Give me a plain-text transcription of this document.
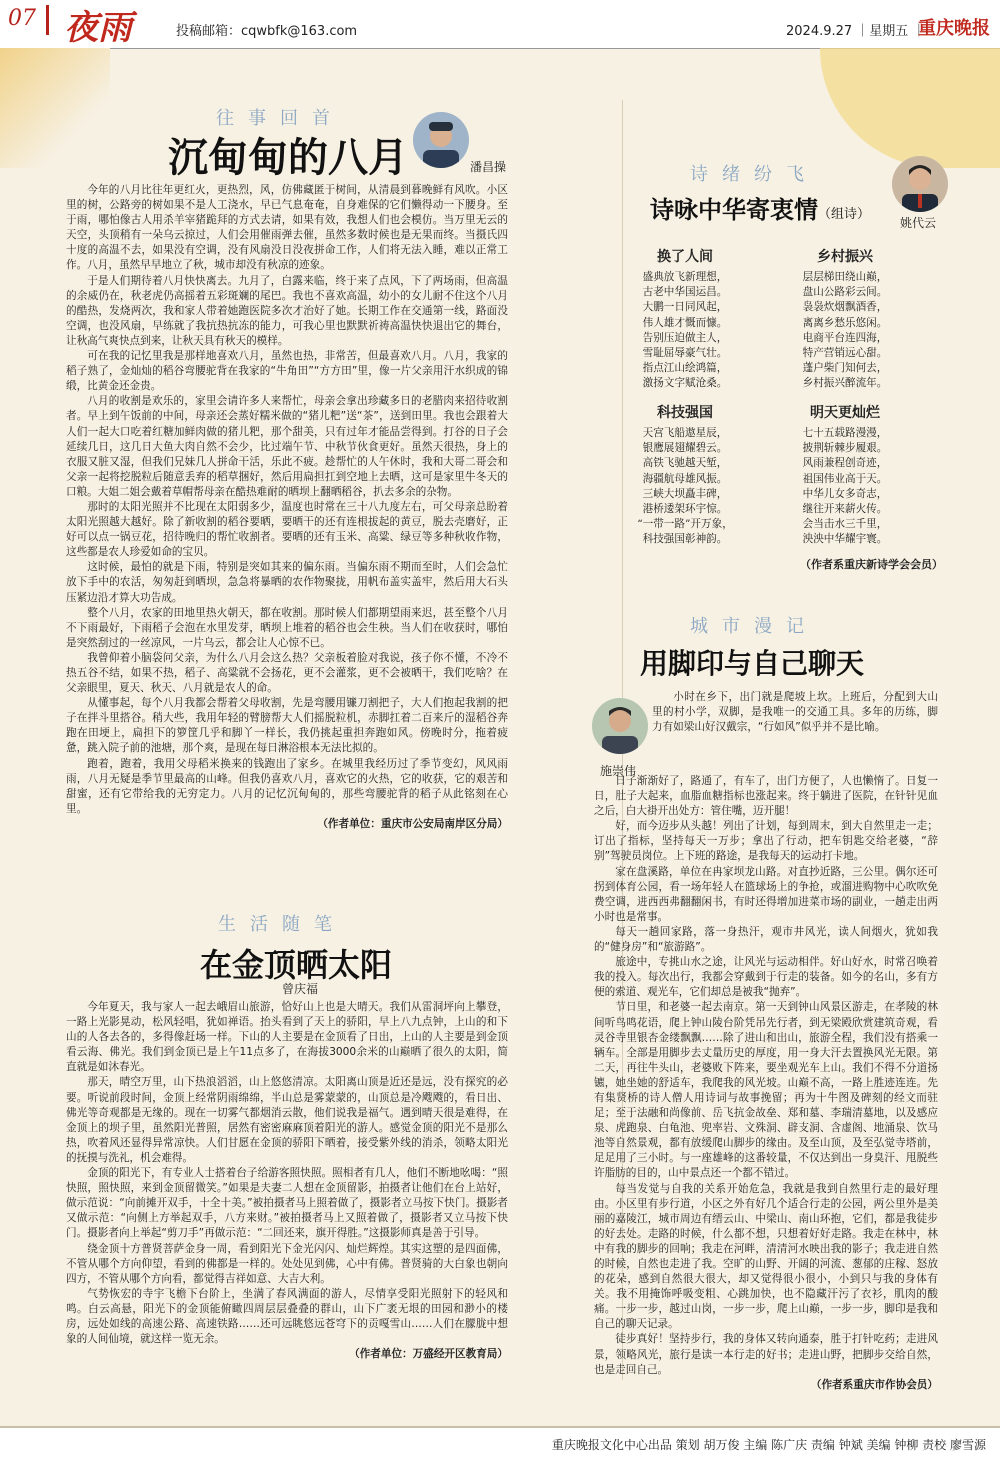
07 夜雨	投稿邮箱：cqwbfk@163.com	2024.9.27 ｜星期五 ｜
重庆晚报
往事回首
沉甸甸的八月	潘昌操

今年的八月比往年更红火，更热烈，风，仿佛藏匿于树间，从清晨到暮晚鲜有风吹。小区里的树，公路旁的树如果不是人工浇水，早已气息奄奄，自身难保的它们懒得动一下腰身。至于雨，哪怕像古人用杀羊宰猪跪拜的方式去请，如果有效，我想人们也会模仿。当万里无云的天空，头顶稍有一朵乌云掠过，人们会用催雨弹去催，虽然多数时候也是无果而终。当摄氏四十度的高温不去，如果没有空调，没有风扇没日没夜拼命工作，人们将无法入睡，难以正常工作。八月，虽然早早地立了秋，城市却没有秋凉的迹象。

于是人们期待着八月快快离去。九月了，白露来临，终于来了点风，下了两场雨，但高温的余威仍在，秋老虎仍高摇着五彩斑斓的尾巴。我也不喜欢高温，幼小的女儿耐不住这个八月的酷热，发烧两次，我和家人带着她跑医院多次才治好了她。长期工作在交通第一线，路面没空调，也没风扇，早练就了我抗热抗冻的能力，可我心里也默默祈祷高温快快退出它的舞台，让秋高气爽快点到来，让秋天具有秋天的模样。

可在我的记忆里我是那样地喜欢八月，虽然也热，非常苦，但最喜欢八月。八月，我家的稻子熟了，金灿灿的稻谷弯腰驼背在我家的“牛角田”“方方田”里，像一片父亲用汗水织成的锦缎，比黄金还金贵。

八月的收割是欢乐的，家里会请许多人来帮忙，母亲会拿出珍藏多日的老腊肉来招待收割者。早上到午饭前的中间，母亲还会蒸好糯米做的“猪儿粑”送“茶”，送到田里。我也会跟着大人们一起大口吃着红糖加鲜肉做的猪儿粑，那个甜美，只有过年才能品尝得到。打谷的日子会延续几日，这几日大鱼大肉自然不会少，比过端午节、中秋节伙食更好。虽然天很热，身上的衣服又脏又湿，但我们兄妹几人拼命干活，乐此不疲。趁帮忙的人午休时，我和大哥二哥会和父亲一起将挖脱粒后随意丢弃的稻草捆好，然后用扁担扛到空地上去晒，这可是家里牛冬天的口粮。大姐二姐会戴着草帽帮母亲在酷热难耐的晒坝上翻晒稻谷，扒去多余的杂物。

那时的太阳光照并不比现在太阳弱多少，温度也时常在三十八九度左右，可父母亲总盼着太阳光照越大越好。除了新收割的稻谷要晒，要晒干的还有连根拔起的黄豆，脱去壳磨好，正好可以点一锅豆花，招待晚归的帮忙收割者。要晒的还有玉米、高粱、绿豆等多种秋收作物，这些都是农人珍爱如命的宝贝。

这时候，最怕的就是下雨，特别是突如其来的偏东雨。当偏东雨不期而至时，人们会急忙放下手中的农活，匆匆赶到晒坝，急急将暴晒的农作物聚拢，用帆布盖实盖牢，然后用大石头压紧边沿才算大功告成。

整个八月，农家的田地里热火朝天，都在收割。那时候人们都期望雨来迟，甚至整个八月不下雨最好，下雨稻子会泡在水里发芽，晒坝上堆着的稻谷也会生秧。当人们在收获时，哪怕是突然刮过的一丝凉风，一片乌云，都会让人心惊不已。

我曾仰着小脑袋问父亲，为什么八月会这么热？父亲板着脸对我说，孩子你不懂，不冷不热五谷不结，如果不热，稻子、高粱就不会扬花，更不会灌浆，更不会被晒干，我们吃啥？在父亲眼里，夏天、秋天、八月就是农人的命。

从懂事起，每个八月我都会帮着父母收割，先是弯腰用镰刀割把子，大人们抱起我割的把子在拌斗里搭谷。稍大些，我用年轻的臂膀帮大人们摇脱粒机，赤脚扛着二百来斤的湿稻谷奔跑在田埂上，扁担下的箩筐几乎和脚丫一样长，我仍挑起重担奔跑如风。傍晚时分，拖着疲惫，跳入院子前的池塘，那个爽，是现在每日淋浴根本无法比拟的。

跑着，跑着，我用父母稻米换来的钱跑出了家乡。在城里我经历过了季节变幻，风风雨雨，八月无疑是季节里最高的山峰。但我仍喜欢八月，喜欢它的火热，它的收获，它的艰苦和甜蜜，还有它带给我的无穷定力。八月的记忆沉甸甸的，那些弯腰驼背的稻子从此铭刻在心里。

（作者单位：重庆市公安局南岸区分局）

生活随笔
在金顶晒太阳
曾庆福

今年夏天，我与家人一起去峨眉山旅游，恰好山上也是大晴天。我们从雷洞坪向上攀登，一路上光影晃动，松风轻唱，犹如禅语。抬头看到了天上的骄阳，早上八九点钟，上山的和下山的人各去各的，多得像赶场一样。下山的人主要是在金顶看了日出，上山的人主要是到金顶看云海、佛光。我们到金顶已是上午11点多了，在海拔3000余米的山巅晒了很久的太阳，简直就是如沐春光。

那天，晴空万里，山下热浪滔滔，山上悠悠清凉。太阳离山顶是近还是远，没有探究的必要。听说前段时间，金顶上经常阴雨绵绵，半山总是雾蒙蒙的，山顶总是冷飕飕的，看日出、佛光等奇观都是无缘的。现在一切雾气都烟消云散，他们说我是福气。遇到晴天很是难得，在金顶上的坝子里，虽然阳光普照，居然有密密麻麻顶着阳光的游人。感觉金顶的阳光不是那么热，吹着风还显得异常凉快。人们甘愿在金顶的骄阳下晒着，接受紫外线的消杀，领略太阳光的抚摸与洗礼，机会难得。

金顶的阳光下，有专业人士搭着台子给游客照快照。照相者有几人，他们不断地吆喝：“照快照，照快照，来到金顶留微笑。”如果是夫妻二人想在金顶留影，拍摄者让他们在台上站好，做示范说：“向前摊开双手，十全十美。”被拍摄者马上照着做了，摄影者立马按下快门。摄影者又做示范：“向侧上方举起双手，八方来财。”被拍摄者马上又照着做了，摄影者又立马按下快门。摄影者向上举起“剪刀手”再做示范：“二回还来，旗开得胜。”这摄影师真是善于引导。

绕金顶十方普贤菩萨金身一周，看到阳光下金光闪闪、灿烂辉煌。其实这塑的是四面佛，不管从哪个方向仰望，看到的佛都是一样的。处处见到佛，心中有佛。普贤骑的大白象也朝向四方，不管从哪个方向看，都觉得吉祥如意、大吉大利。

气势恢宏的寺宇飞檐下台阶上，坐满了春风满面的游人，尽情享受阳光照射下的轻风和鸣。白云高悬，阳光下的金顶能俯瞰四周层层叠叠的群山，山下广袤无垠的田园和渺小的楼房，远处如线的高速公路、高速铁路……还可远眺悠远苍穹下的贡嘎雪山……人们在朦胧中想象的人间仙境，就这样一览无余。

（作者单位：万盛经开区教育局）

诗绪纷飞
诗咏中华寄衷情（组诗）
姚代云
换了人间
盛典放飞新理想，
古老中华国运昌。
大鹏一日同风起，
伟人雄才慨而慷。
告别压迫做主人，
雪耻屈辱豪气壮。
指点江山绘鸿篇，
激扬文字赋沧桑。
乡村振兴
层层梯田绕山巅，
盘山公路彩云间。
袅袅炊烟飘酒香，
离离乡愁乐悠闲。
电商平台连四海，
特产营销远心甜。
蓬户柴门知何去，
乡村振兴醉流年。
科技强国
天宫飞船遨星辰，
银鹰展翅耀碧云。
高铁飞驰越天堑，
海疆航母雄风振。
三峡大坝矗丰碑，
港桥逶架环宇惊。
“一带一路”开万象，
科技强国彰神韵。
明天更灿烂
七十五载路漫漫，
披荆斩棘步履艰。
风雨兼程创奇迹，
祖国伟业高于天。
中华儿女多奇志，
继往开来薪火传。
会当击水三千里，
泱泱中华耀宇寰。
（作者系重庆新诗学会会员）
城市漫记
用脚印与自己聊天
施崇伟

小时在乡下，出门就是爬坡上坎。上班后，分配到大山里的村小学，双脚，是我唯一的交通工具。多年的历练，脚力有如梁山好汉戴宗，“行如风”似乎并不是比喻。

日子渐渐好了，路通了，有车了，出门方便了，人也懒惰了。日复一日，肚子大起来，血脂血糖指标也涨起来。终于躺进了医院，在针针见血之后，白大褂开出处方：管住嘴，迈开腿！

好，而今迈步从头越！列出了计划，每到周末，到大自然里走一走；订出了指标，坚持每天一万步；拿出了行动，把车钥匙交给老婆，“辞别”驾驶员岗位。上下班的路途，是我每天的运动打卡地。

家在盘溪路，单位在冉家坝龙山路。对直抄近路，三公里。偶尔还可拐到体育公园，看一场年轻人在篮球场上的争抢，或溜进购物中心吹吹免费空调，进西西弗翻翻闲书，有时还得增加进菜市场的副业，一趟走出两小时也是常事。

每天一趟回家路，落一身热汗，观市井风光，读人间烟火，犹如我的“健身房”和“旅游路”。

旅途中，专挑山水之途，让风光与运动相伴。好山好水，时常召唤着我的投入。每次出行，我都会穿戴到于行走的装备。如今的名山，多有方便的索道、观光车，它们却总是被我“抛弃”。

节日里，和老婆一起去南京。第一天到钟山风景区游走，在孝陵的林间听鸟鸣花语，爬上钟山陵台阶凭吊先行者，到无梁殿欣赏建筑奇观，看灵谷寺里银杏金缕飘飘……除了进山和出山，旅游全程，我们没有搭乘一辆车。全部是用脚步去丈量历史的厚度，用一身大汗去置换风光无限。第二天，再往牛头山，老婆败下阵来，要坐观光车上山。我们不得不分道扬镳，她坐她的舒适车，我爬我的风光坡。山巅不高，一路上胜迹连连。先有集贤桥的诗人僧人用诗词与故事挽留；再为十牛图及碑刻的经文而驻足；至于法融和尚像前、岳飞抗金故垒、郑和墓、李瑞清墓地，以及感应泉、虎跑泉、白龟池、兜率岩、文殊洞、辟支洞、含虚阁、地涌泉、饮马池等自然景观，都有放缓爬山脚步的缘由。及至山顶，及至弘觉寺塔前，足足用了三小时。与一座雄峰的这番较量，不仅达到出一身臭汗、甩脱些许脂肪的目的，山中景点还一个都不错过。

每当发觉与自我的关系开始危急，我就是我到自然里行走的最好理由。小区里有步行道，小区之外有好几个适合行走的公园，两公里外是美丽的嘉陵江，城市周边有缙云山、中梁山、南山环抱，它们，都是我徒步的好去处。走路的时候，什么都不想，只想着好好走路。我走在林中，林中有我的脚步的回响；我走在河畔，清清河水映出我的影子；我走进自然的时候，自然也走进了我。空旷的山野、开阔的河流、葱郁的庄稼、怒放的花朵，感到自然很大很大，却又觉得很小很小，小到只与我的身体有关。我不用掩饰呼吸变粗、心跳加快，也不隐藏汗污了衣衫，肌肉的酸痛。一步一步，越过山岗，一步一步，爬上山巅，一步一步，脚印是我和自己的聊天记录。

徒步真好！坚持步行，我的身体又转向通泰，胜于打针吃药；走进风景，领略风光，旅行是读一本行走的好书；走进山野，把脚步交给自然，也是走回自己。

（作者系重庆市作协会员）

重庆晚报文化中心出品 策划 胡万俊 主编 陈广庆 责编 钟斌 美编 钟柳 责校 廖雪源
